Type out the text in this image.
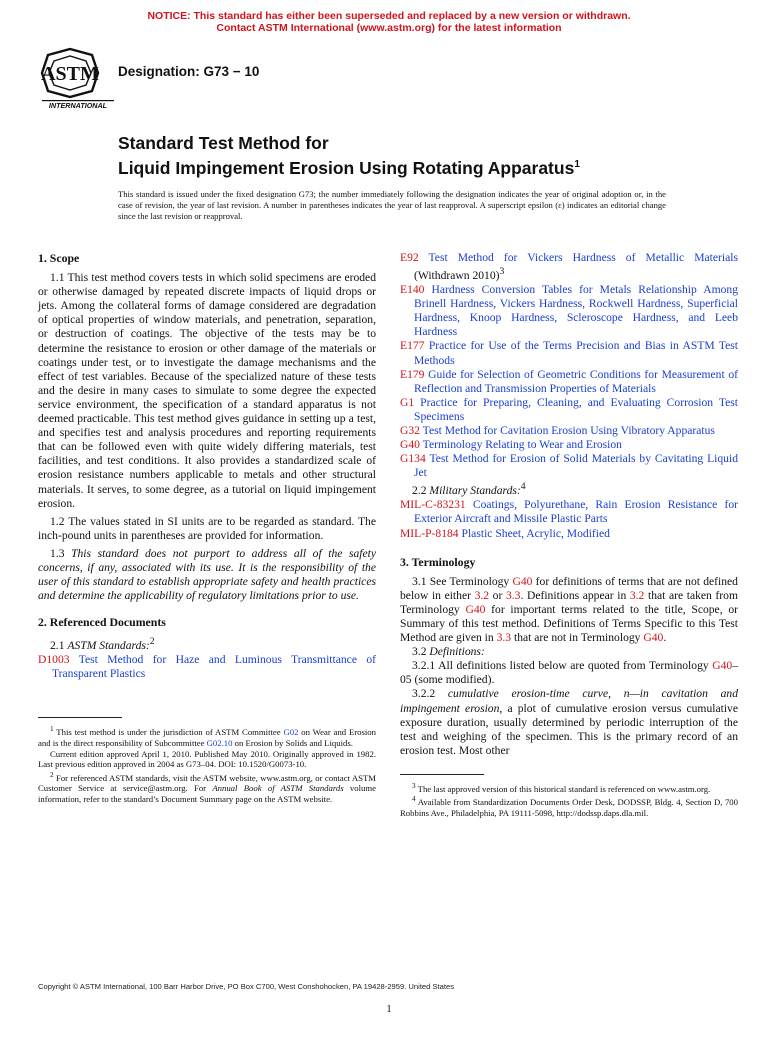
NOTICE: This standard has either been superseded and replaced by a new version or withdrawn.
Contact ASTM International (www.astm.org) for the latest information
ASTM
INTERNATIONAL
Designation: G73 − 10
Standard Test Method for
Liquid Impingement Erosion Using Rotating Apparatus$^1$
This standard is issued under the fixed designation G73; the number immediately following the designation indicates the year of original adoption or, in the case of revision, the year of last revision. A number in parentheses indicates the year of last reapproval. A superscript epsilon (ε) indicates an editorial change since the last revision or reapproval.
1. Scope

1.1 This test method covers tests in which solid specimens are eroded or otherwise damaged by repeated discrete impacts of liquid drops or jets. Among the collateral forms of damage considered are degradation of optical properties of window materials, and penetration, separation, or destruction of coatings. The objective of the tests may be to determine the resistance to erosion or other damage of the materials or coatings under test, or to investigate the damage mechanisms and the effect of test variables. Because of the specialized nature of these tests and the desire in many cases to simulate to some degree the expected service environment, the specification of a standard apparatus is not deemed practicable. This test method gives guidance in setting up a test, and specifies test and analysis procedures and reporting requirements that can be followed even with quite widely differing materials, test facilities, and test conditions. It also provides a standardized scale of erosion resistance numbers applicable to metals and other structural materials. It serves, to some degree, as a tutorial on liquid impingement erosion.

1.2 The values stated in SI units are to be regarded as standard. The inch-pound units in parentheses are provided for information.

1.3 This standard does not purport to address all of the safety concerns, if any, associated with its use. It is the responsibility of the user of this standard to establish appropriate safety and health practices and determine the applicability of regulatory limitations prior to use.

2. Referenced Documents

2.1 ASTM Standards:$^2$

D1003 Test Method for Haze and Luminous Transmittance of Transparent Plastics

$^1$ This test method is under the jurisdiction of ASTM Committee G02 on Wear and Erosion and is the direct responsibility of Subcommittee G02.10 on Erosion by Solids and Liquids.

Current edition approved April 1, 2010. Published May 2010. Originally approved in 1982. Last previous edition approved in 2004 as G73–04. DOI: 10.1520/G0073-10.

$^2$ For referenced ASTM standards, visit the ASTM website, www.astm.org, or contact ASTM Customer Service at service@astm.org. For Annual Book of ASTM Standards volume information, refer to the standard’s Document Summary page on the ASTM website.

E92 Test Method for Vickers Hardness of Metallic Materials (Withdrawn 2010)$^3$

E140 Hardness Conversion Tables for Metals Relationship Among Brinell Hardness, Vickers Hardness, Rockwell Hardness, Superficial Hardness, Knoop Hardness, Scleroscope Hardness, and Leeb Hardness

E177 Practice for Use of the Terms Precision and Bias in ASTM Test Methods

E179 Guide for Selection of Geometric Conditions for Measurement of Reflection and Transmission Properties of Materials

G1 Practice for Preparing, Cleaning, and Evaluating Corrosion Test Specimens

G32 Test Method for Cavitation Erosion Using Vibratory Apparatus

G40 Terminology Relating to Wear and Erosion

G134 Test Method for Erosion of Solid Materials by Cavitating Liquid Jet

2.2 Military Standards:$^4$

MIL-C-83231 Coatings, Polyurethane, Rain Erosion Resistance for Exterior Aircraft and Missile Plastic Parts

MIL-P-8184 Plastic Sheet, Acrylic, Modified

3. Terminology

3.1 See Terminology G40 for definitions of terms that are not defined below in either 3.2 or 3.3. Definitions appear in 3.2 that are taken from Terminology G40 for important terms related to the title, Scope, or Summary of this test method. Definitions of Terms Specific to this Test Method are given in 3.3 that are not in Terminology G40.

3.2 Definitions:

3.2.1 All definitions listed below are quoted from Terminology G40–05 (some modified).

3.2.2 cumulative erosion-time curve, n—in cavitation and impingement erosion, a plot of cumulative erosion versus cumulative exposure duration, usually determined by periodic interruption of the test and weighing of the specimen. This is the primary record of an erosion test. Most other

$^3$ The last approved version of this historical standard is referenced on www.astm.org.

$^4$ Available from Standardization Documents Order Desk, DODSSP, Bldg. 4, Section D, 700 Robbins Ave., Philadelphia, PA 19111-5098, http://dodssp.daps.dla.mil.

Copyright © ASTM International, 100 Barr Harbor Drive, PO Box C700, West Conshohocken, PA 19428-2959. United States
1
